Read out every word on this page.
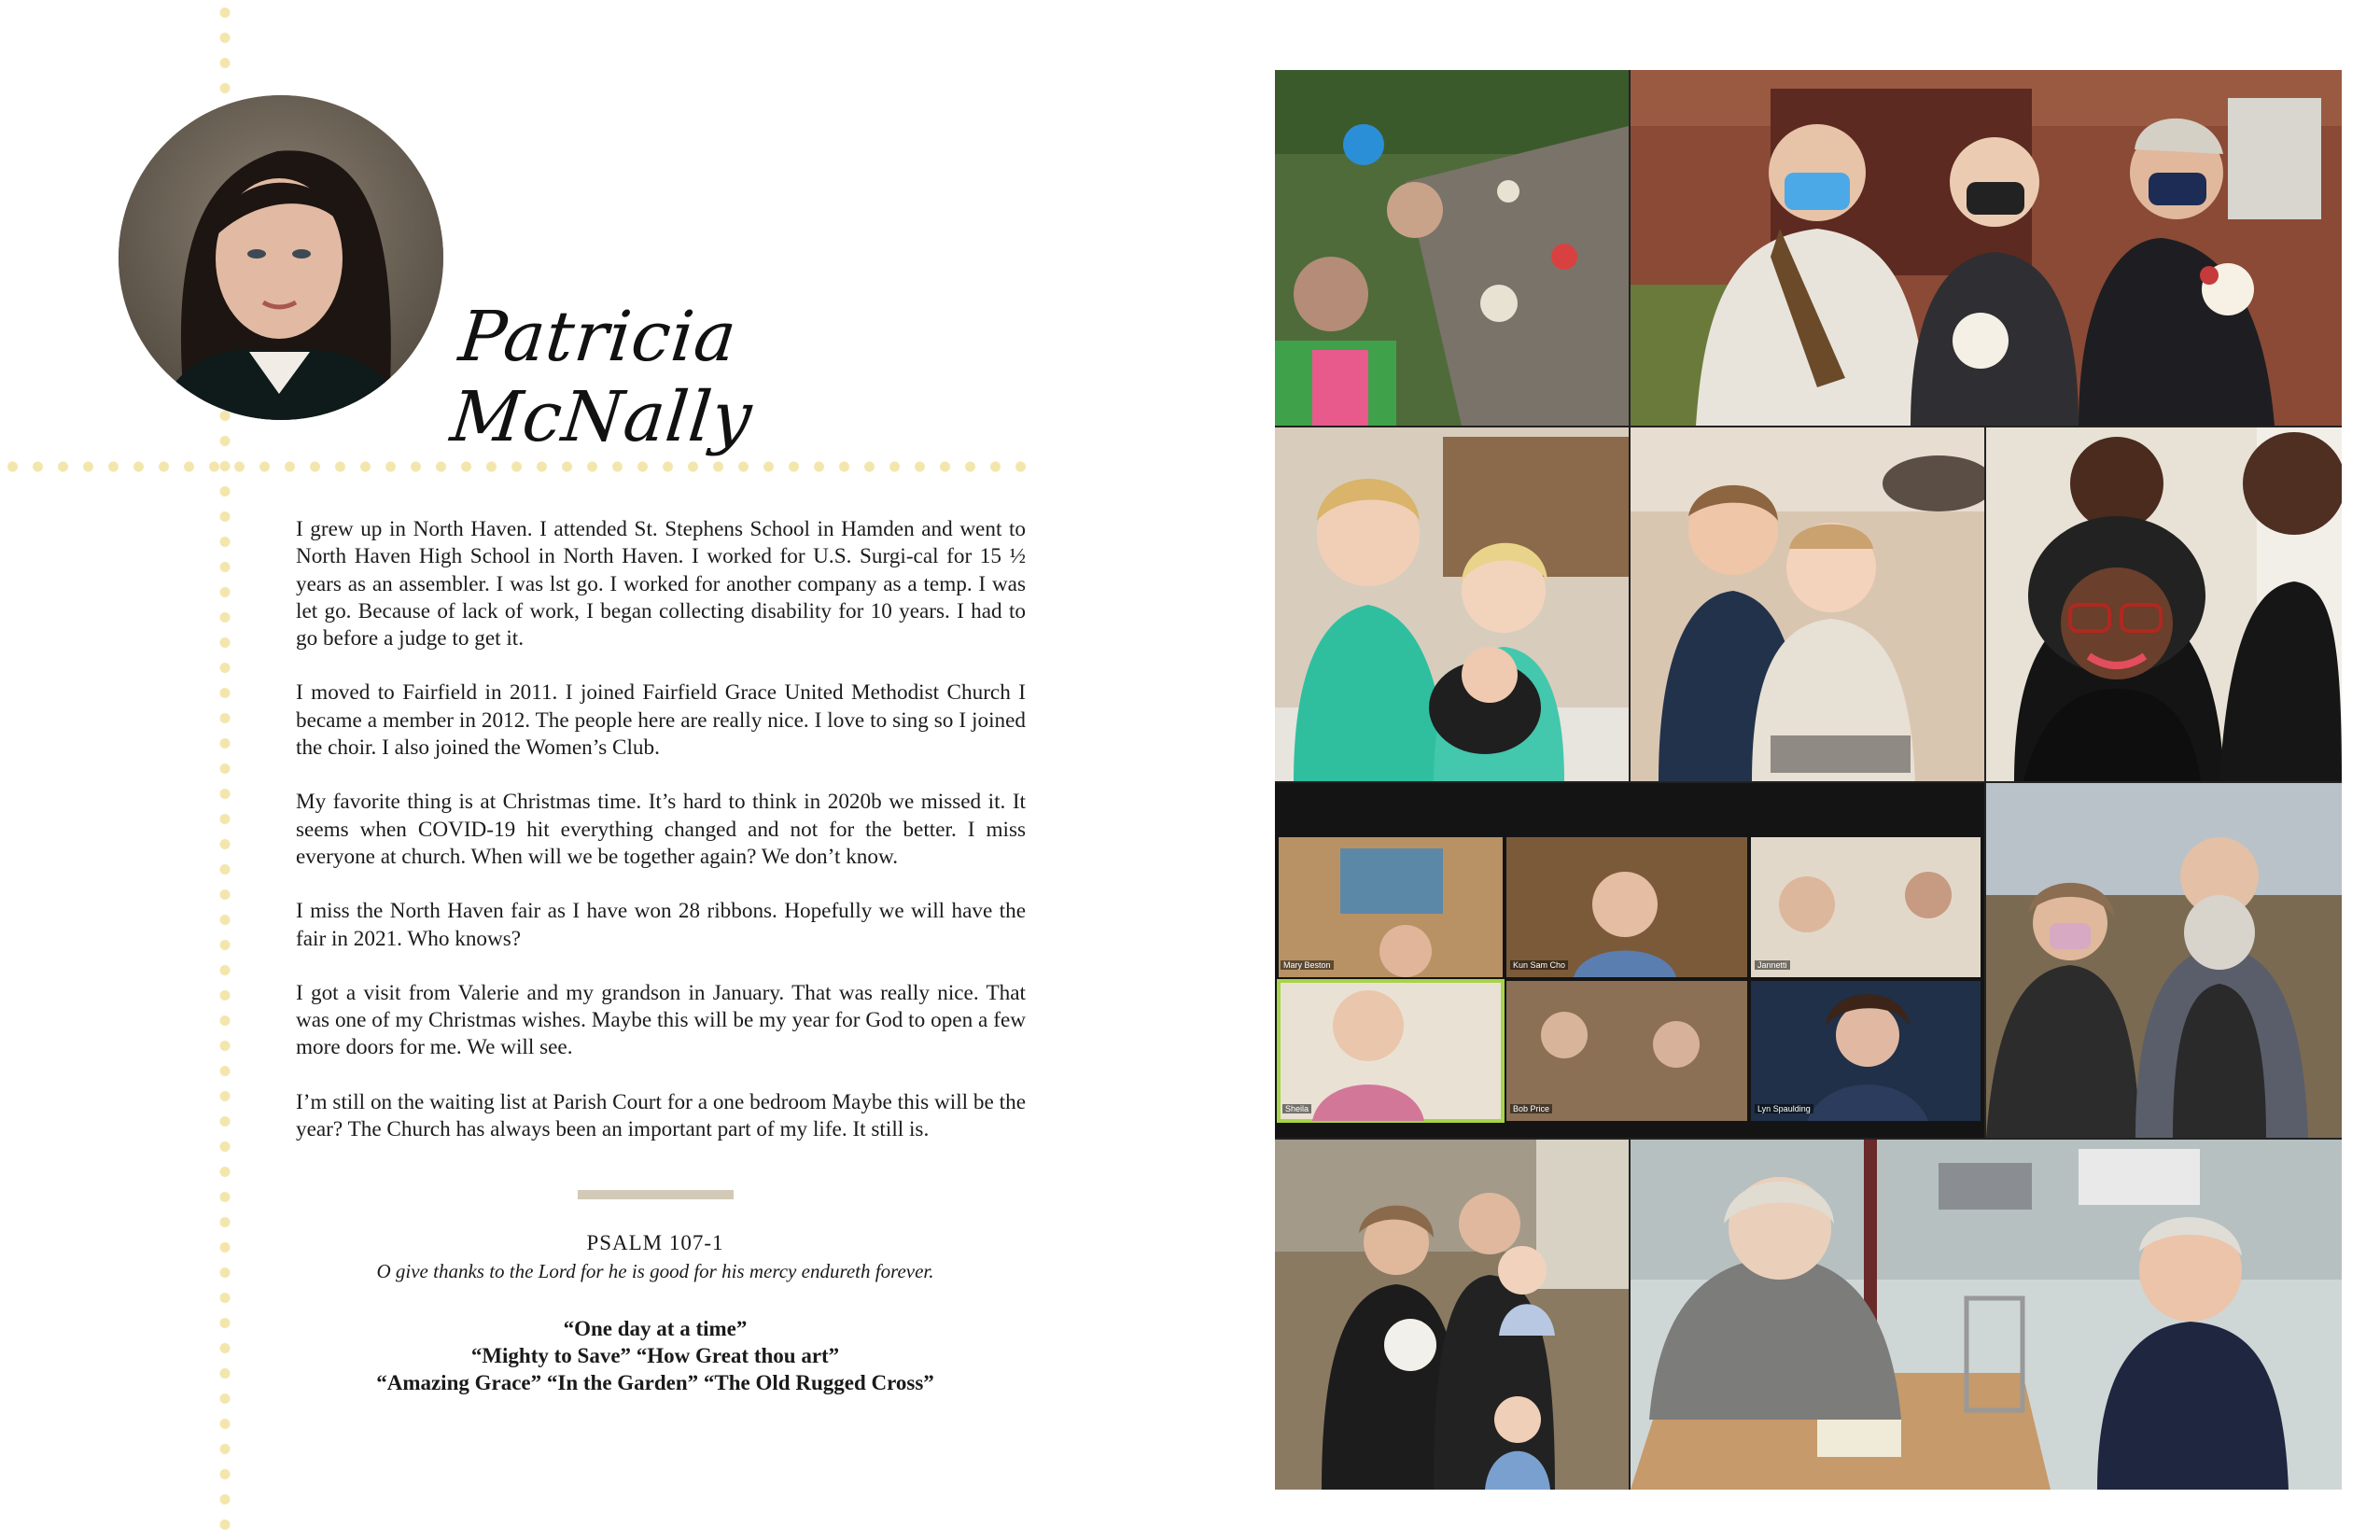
Patricia McNally

I grew up in North Haven. I attended St. Stephens School in Hamden and went to North Haven High School in North Haven. I worked for U.S. Surgi-cal for 15 ½ years as an assembler. I was lst go. I worked for another company as a temp. I was let go. Because of lack of work, I began collecting disability for 10 years. I had to go before a judge to get it.

I moved to Fairfield in 2011. I joined Fairfield Grace United Methodist Church I became a member in 2012. The people here are really nice. I love to sing so I joined the choir. I also joined the Women’s Club.

My favorite thing is at Christmas time. It’s hard to think in 2020b we missed it. It seems when COVID-19 hit everything changed and not for the better. I miss everyone at church. When will we be together again? We don’t know.

I miss the North Haven fair as I have won 28 ribbons. Hopefully we will have the fair in 2021. Who knows?

I got a visit from Valerie and my grandson in January. That was really nice. That was one of my Christmas wishes. Maybe this will be my year for God to open a few more doors for me. We will see.

I’m still on the waiting list at Parish Court for a one bedroom Maybe this will be the year? The Church has always been an important part of my life. It still is.

PSALM 107-1
O give thanks to the Lord for he is good for his mercy endureth forever.
“One day at a time”
“Mighty to Save” “How Great thou art”
“Amazing Grace” “In the Garden” “The Old Rugged Cross”
Mary Beston	Kun Sam Cho	Jannetti
Sheila	Bob Price	Lyn Spaulding
